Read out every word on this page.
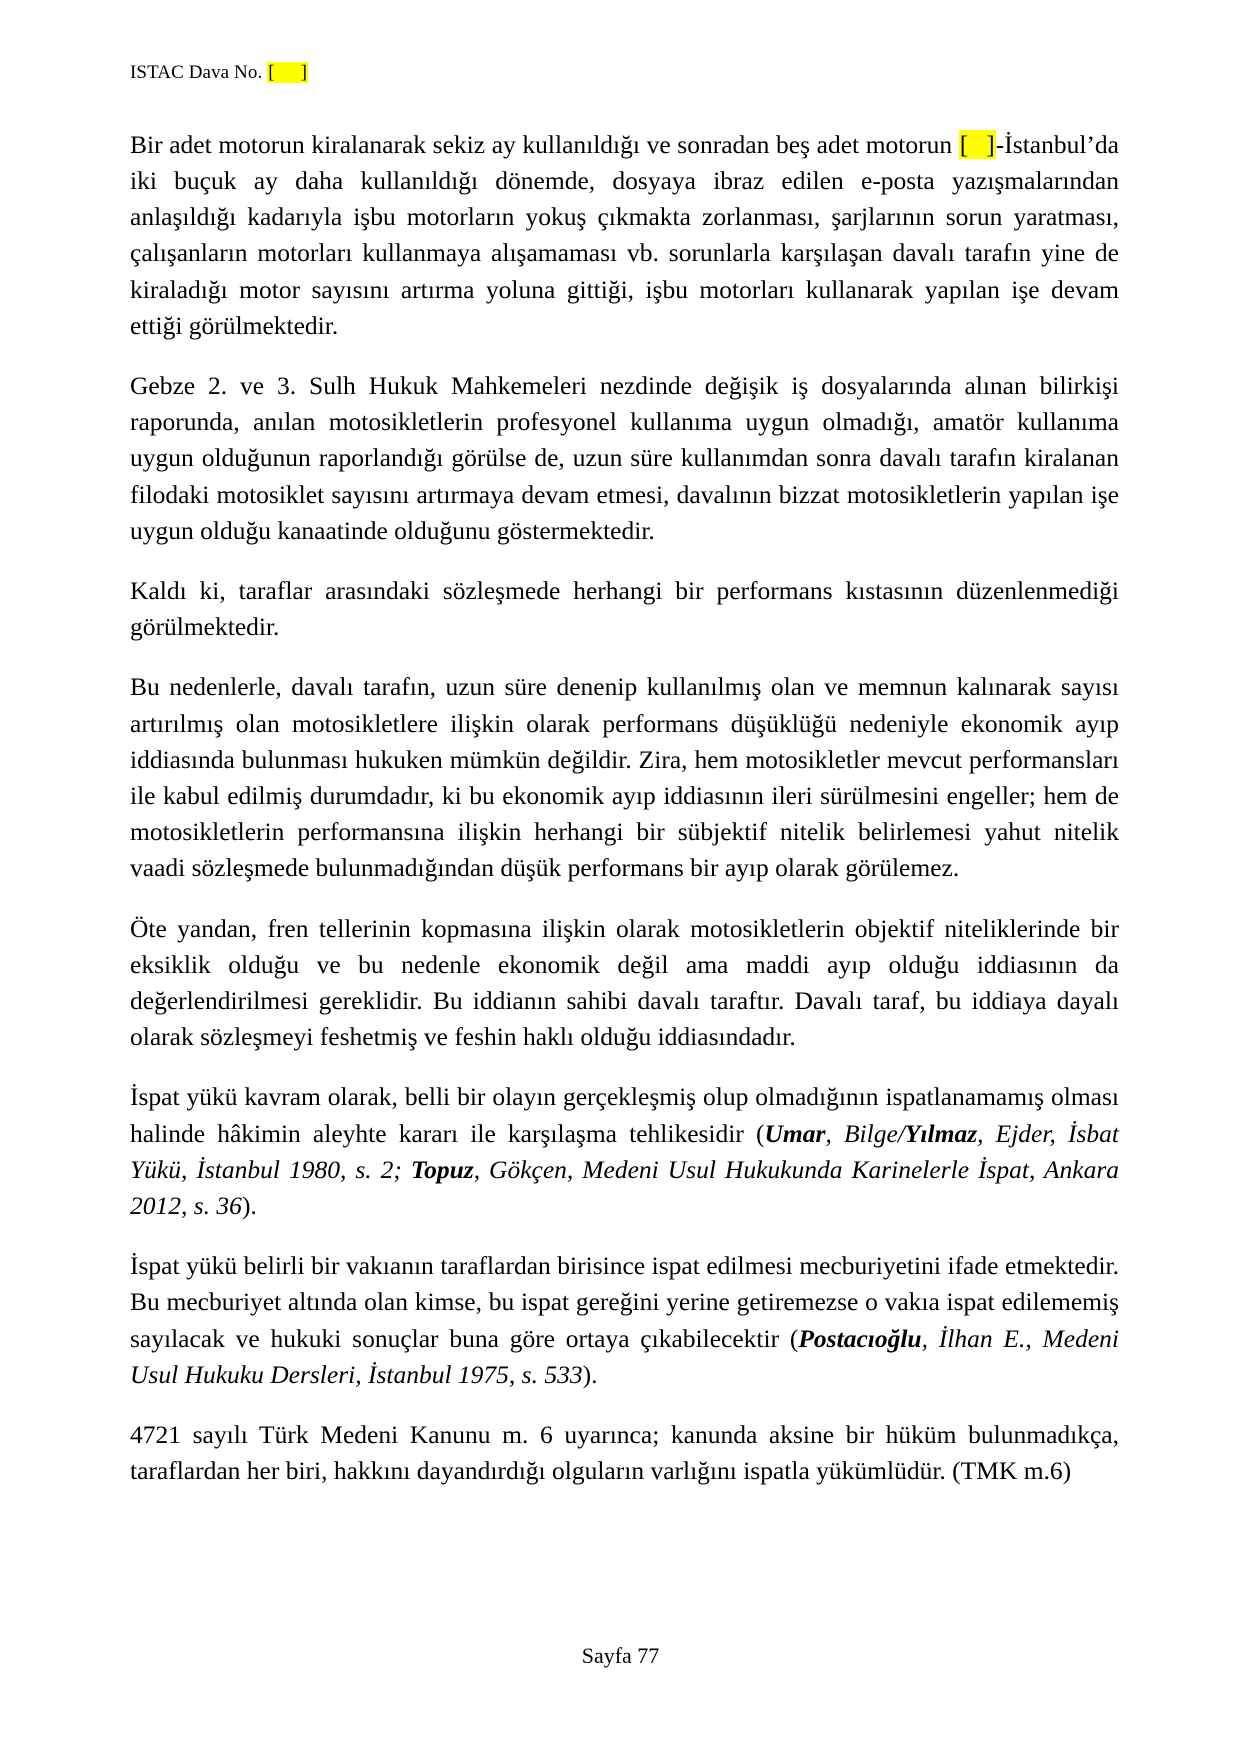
ISTAC Dava No. [ ]

Bir adet motorun kiralanarak sekiz ay kullanıldığı ve sonradan beş adet motorun [ ]-İstanbul’da iki buçuk ay daha kullanıldığı dönemde, dosyaya ibraz edilen e-posta yazışmalarından anlaşıldığı kadarıyla işbu motorların yokuş çıkmakta zorlanması, şarjlarının sorun yaratması, çalışanların motorları kullanmaya alışamaması vb. sorunlarla karşılaşan davalı tarafın yine de kiraladığı motor sayısını artırma yoluna gittiği, işbu motorları kullanarak yapılan işe devam ettiği görülmektedir.

Gebze 2. ve 3. Sulh Hukuk Mahkemeleri nezdinde değişik iş dosyalarında alınan bilirkişi raporunda, anılan motosikletlerin profesyonel kullanıma uygun olmadığı, amatör kullanıma uygun olduğunun raporlandığı görülse de, uzun süre kullanımdan sonra davalı tarafın kiralanan filodaki motosiklet sayısını artırmaya devam etmesi, davalının bizzat motosikletlerin yapılan işe uygun olduğu kanaatinde olduğunu göstermektedir.

Kaldı ki, taraflar arasındaki sözleşmede herhangi bir performans kıstasının düzenlenmediği görülmektedir.

Bu nedenlerle, davalı tarafın, uzun süre denenip kullanılmış olan ve memnun kalınarak sayısı artırılmış olan motosikletlere ilişkin olarak performans düşüklüğü nedeniyle ekonomik ayıp iddiasında bulunması hukuken mümkün değildir. Zira, hem motosikletler mevcut performansları ile kabul edilmiş durumdadır, ki bu ekonomik ayıp iddiasının ileri sürülmesini engeller; hem de motosikletlerin performansına ilişkin herhangi bir sübjektif nitelik belirlemesi yahut nitelik vaadi sözleşmede bulunmadığından düşük performans bir ayıp olarak görülemez.

Öte yandan, fren tellerinin kopmasına ilişkin olarak motosikletlerin objektif niteliklerinde bir eksiklik olduğu ve bu nedenle ekonomik değil ama maddi ayıp olduğu iddiasının da değerlendirilmesi gereklidir. Bu iddianın sahibi davalı taraftır. Davalı taraf, bu iddiaya dayalı olarak sözleşmeyi feshetmiş ve feshin haklı olduğu iddiasındadır.

İspat yükü kavram olarak, belli bir olayın gerçekleşmiş olup olmadığının ispatlanamamış olması halinde hâkimin aleyhte kararı ile karşılaşma tehlikesidir (Umar, Bilge/Yılmaz, Ejder, İsbat Yükü, İstanbul 1980, s. 2; Topuz, Gökçen, Medeni Usul Hukukunda Karinelerle İspat, Ankara 2012, s. 36).

İspat yükü belirli bir vakıanın taraflardan birisince ispat edilmesi mecburiyetini ifade etmektedir. Bu mecburiyet altında olan kimse, bu ispat gereğini yerine getiremezse o vakıa ispat edilememiş sayılacak ve hukuki sonuçlar buna göre ortaya çıkabilecektir (Postacıoğlu, İlhan E., Medeni Usul Hukuku Dersleri, İstanbul 1975, s. 533).

4721 sayılı Türk Medeni Kanunu m. 6 uyarınca; kanunda aksine bir hüküm bulunmadıkça, taraflardan her biri, hakkını dayandırdığı olguların varlığını ispatla yükümlüdür. (TMK m.6)

Sayfa 77
